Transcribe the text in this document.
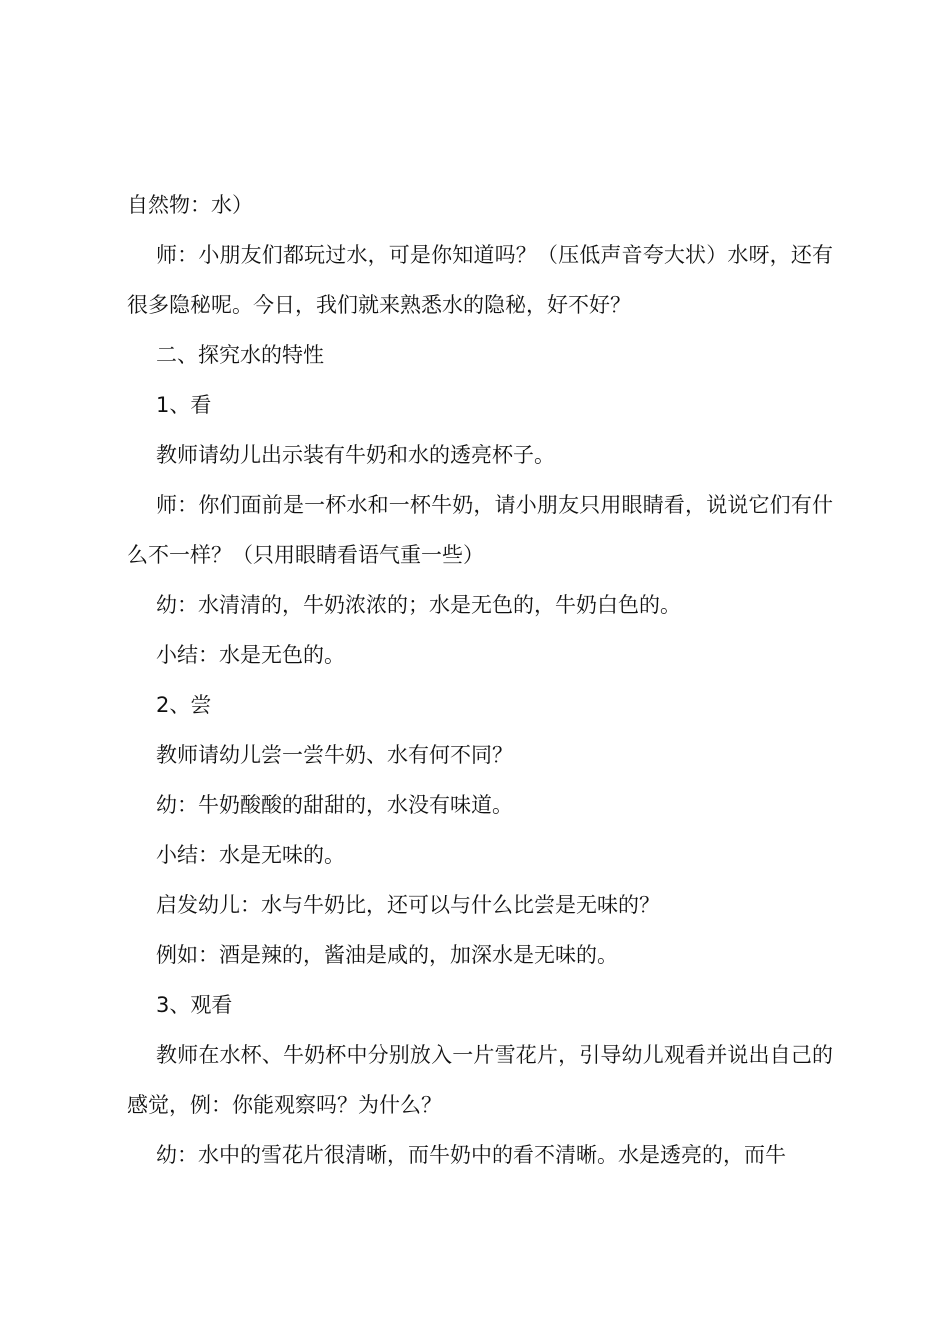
自然物：水）

师：小朋友们都玩过水，可是你知道吗？（压低声音夸大状）水呀，还有很多隐秘呢。今日，我们就来熟悉水的隐秘，好不好？

二、探究水的特性

1、看

教师请幼儿出示装有牛奶和水的透亮杯子。

师：你们面前是一杯水和一杯牛奶，请小朋友只用眼睛看，说说它们有什么不一样？（只用眼睛看语气重一些）

幼：水清清的，牛奶浓浓的；水是无色的，牛奶白色的。

小结：水是无色的。

2、尝

教师请幼儿尝一尝牛奶、水有何不同？

幼：牛奶酸酸的甜甜的，水没有味道。

小结：水是无味的。

启发幼儿：水与牛奶比，还可以与什么比尝是无味的？

例如：酒是辣的，酱油是咸的，加深水是无味的。

3、观看

教师在水杯、牛奶杯中分别放入一片雪花片，引导幼儿观看并说出自己的感觉，例：你能观察吗？为什么？

幼：水中的雪花片很清晰，而牛奶中的看不清晰。水是透亮的，而牛
